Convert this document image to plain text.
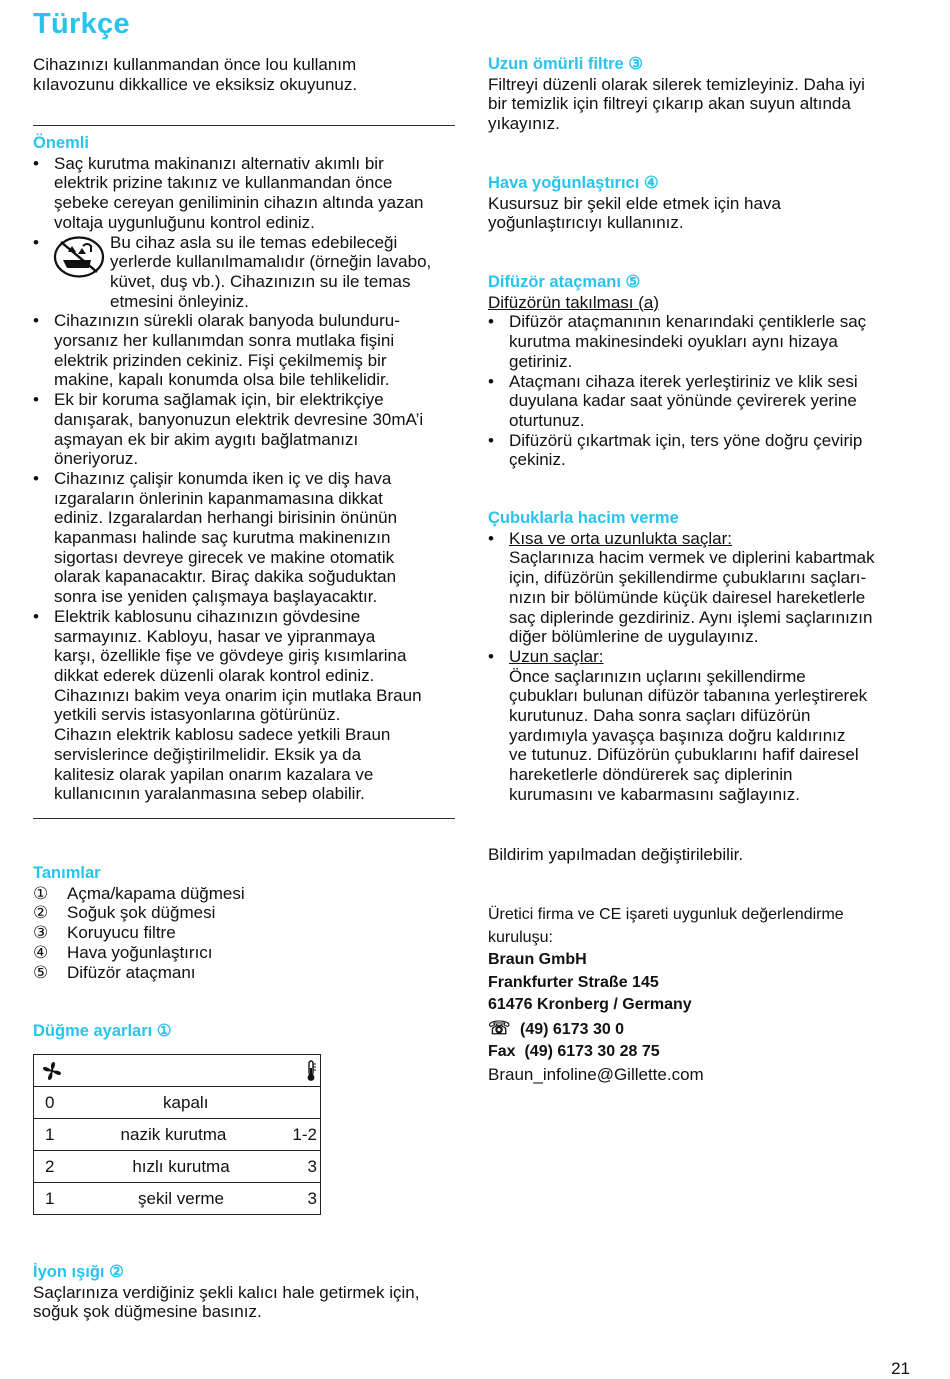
Türkçe
Cihazınızı kullanmandan önce lou kullanım
kılavozunu dikkallice ve eksiksiz okuyunuz.
Önemli
• Saç kurutma makinanızı alternativ akımlı bir
elektrik prizine takınız ve kullanmandan önce
şebeke cereyan geniliminin cihazın altında yazan
voltaja uygunluğunu kontrol ediniz.
•	Bu cihaz asla su ile temas edebileceği
yerlerde kullanılmamalıdır (örneğin lavabo,
küvet, duş vb.). Cihazınızın su ile temas
etmesini önleyiniz.
• Cihazınızın sürekli olarak banyoda bulunduru-
yorsanız her kullanımdan sonra mutlaka fişini
elektrik prizinden cekiniz. Fişi çekilmemiş bir
makine, kapalı konumda olsa bile tehlikelidir.
• Ek bir koruma sağlamak için, bir elektrikçiye
danışarak, banyonuzun elektrik devresine 30mA’i
aşmayan ek bir akim aygıtı bağlatmanızı
öneriyoruz.
• Cihazınız çalişir konumda iken iç ve diş hava
ızgaraların önlerinin kapanmamasına dikkat
ediniz. Izgaralardan herhangi birisinin önünün
kapanması halinde saç kurutma makinenızın
sigortası devreye girecek ve makine otomatik
olarak kapanacaktır. Biraç dakika soğuduktan
sonra ise yeniden çalışmaya başlayacaktır.
• Elektrik kablosunu cihazınızın gövdesine
sarmayınız. Kabloyu, hasar ve yipranmaya
karşı, özellikle fişe ve gövdeye giriş kısımlarina
dikkat ederek düzenli olarak kontrol ediniz.
Cihazınızı bakim veya onarim için mutlaka Braun
yetkili servis istasyonlarına götürünüz.
Cihazın elektrik kablosu sadece yetkili Braun
servislerince değiştirilmelidir. Eksik ya da
kalitesiz olarak yapilan onarım kazalara ve
kullanıcının yaralanmasına sebep olabilir.
Tanımlar
① Açma/kapama düğmesi
② Soğuk şok düğmesi
③ Koruyucu filtre
④ Hava yoğunlaştırıcı
⑤ Difüzör ataçmanı
Düğme ayarları ①

0	kapalı

1	nazik kurutma	1-2

2	hızlı kurutma	3

1	şekil verme	3
İyon ışığı ②
Saçlarınıza verdiğiniz şekli kalıcı hale getirmek için,
soğuk şok düğmesine basınız.
Uzun ömürli filtre ③
Filtreyi düzenli olarak silerek temizleyiniz. Daha iyi
bir temizlik için filtreyi çıkarıp akan suyun altında
yıkayınız.
Hava yoğunlaştırıcı ④
Kusursuz bir şekil elde etmek için hava
yoğunlaştırıcıyı kullanınız.
Difüzör ataçmanı ⑤
Difüzörün takılması (a)
• Difüzör ataçmanının kenarındaki çentiklerle saç
kurutma makinesindeki oyukları aynı hizaya
getiriniz.
• Ataçmanı cihaza iterek yerleştiriniz ve klik sesi
duyulana kadar saat yönünde çevirerek yerine
oturtunuz.
• Difüzörü çıkartmak için, ters yöne doğru çevirip
çekiniz.
Çubuklarla hacim verme
• Kısa ve orta uzunlukta saçlar:
Saçlarınıza hacim vermek ve diplerini kabartmak
için, difüzörün şekillendirme çubuklarını saçları-
nızın bir bölümünde küçük dairesel hareketlerle
saç diplerinde gezdiriniz. Aynı işlemi saçlarınızın
diğer bölümlerine de uygulayınız.
• Uzun saçlar:
Önce saçlarınızın uçlarını şekillendirme
çubukları bulunan difüzör tabanına yerleştirerek
kurutunuz. Daha sonra saçları difüzörün
yardımıyla yavaşça başınıza doğru kaldırınız
ve tutunuz. Difüzörün çubuklarını hafif dairesel
hareketlerle döndürerek saç diplerinin
kurumasını ve kabarmasını sağlayınız.
Bildirim yapılmadan değiştirilebilir.
Üretici firma ve CE işareti uygunluk değerlendirme
kuruluşu:
Braun GmbH
Frankfurter Straße 145
61476 Kronberg / Germany
☏ (49) 6173 30 0
Fax  (49) 6173 30 28 75
Braun_infoline@Gillette.com
21
